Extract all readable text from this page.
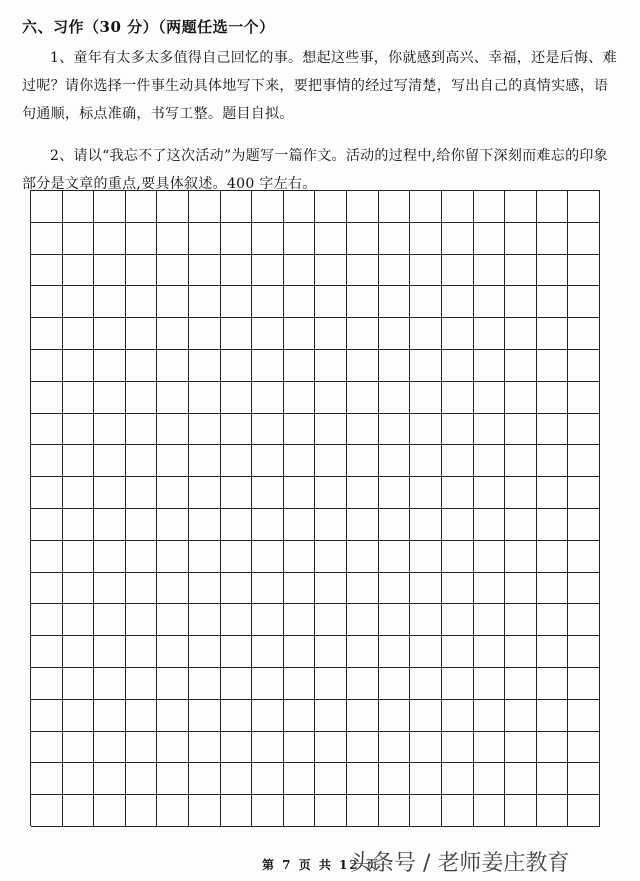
六、习作（30 分）（两题任选一个）
1、童年有太多太多值得自己回忆的事。想起这些事，你就感到高兴、幸福，还是后悔、难过呢？请你选择一件事生动具体地写下来，要把事情的经过写清楚，写出自己的真情实感，语句通顺，标点准确，书写工整。题目自拟。
2、请以“我忘不了这次活动”为题写一篇作文。活动的过程中,给你留下深刻而难忘的印象部分是文章的重点,要具体叙述。400 字左右。
第 7 页 共 12 页
头条号 / 老师姜庄教育
